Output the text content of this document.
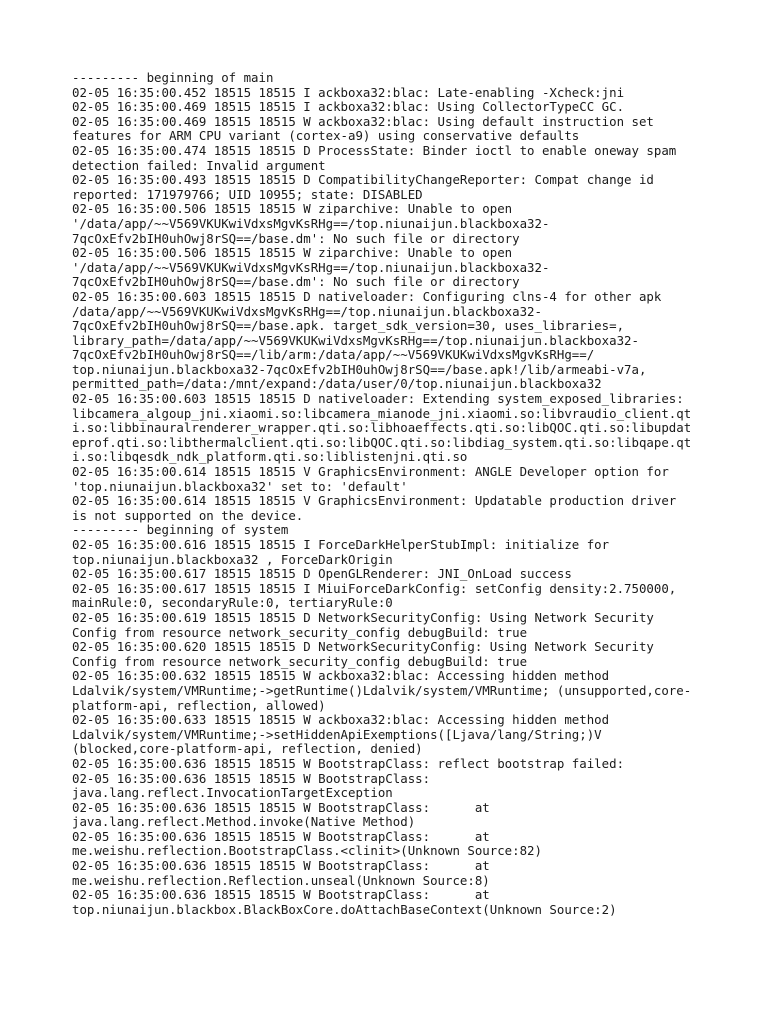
--------- beginning of main
02-05 16:35:00.452 18515 18515 I ackboxa32:blac: Late-enabling -Xcheck:jni
02-05 16:35:00.469 18515 18515 I ackboxa32:blac: Using CollectorTypeCC GC.
02-05 16:35:00.469 18515 18515 W ackboxa32:blac: Using default instruction set
features for ARM CPU variant (cortex-a9) using conservative defaults
02-05 16:35:00.474 18515 18515 D ProcessState: Binder ioctl to enable oneway spam
detection failed: Invalid argument
02-05 16:35:00.493 18515 18515 D CompatibilityChangeReporter: Compat change id
reported: 171979766; UID 10955; state: DISABLED
02-05 16:35:00.506 18515 18515 W ziparchive: Unable to open
'/data/app/~~V569VKUKwiVdxsMgvKsRHg==/top.niunaijun.blackboxa32-
7qcOxEfv2bIH0uhOwj8rSQ==/base.dm': No such file or directory
02-05 16:35:00.506 18515 18515 W ziparchive: Unable to open
'/data/app/~~V569VKUKwiVdxsMgvKsRHg==/top.niunaijun.blackboxa32-
7qcOxEfv2bIH0uhOwj8rSQ==/base.dm': No such file or directory
02-05 16:35:00.603 18515 18515 D nativeloader: Configuring clns-4 for other apk
/data/app/~~V569VKUKwiVdxsMgvKsRHg==/top.niunaijun.blackboxa32-
7qcOxEfv2bIH0uhOwj8rSQ==/base.apk. target_sdk_version=30, uses_libraries=,
library_path=/data/app/~~V569VKUKwiVdxsMgvKsRHg==/top.niunaijun.blackboxa32-
7qcOxEfv2bIH0uhOwj8rSQ==/lib/arm:/data/app/~~V569VKUKwiVdxsMgvKsRHg==/
top.niunaijun.blackboxa32-7qcOxEfv2bIH0uhOwj8rSQ==/base.apk!/lib/armeabi-v7a,
permitted_path=/data:/mnt/expand:/data/user/0/top.niunaijun.blackboxa32
02-05 16:35:00.603 18515 18515 D nativeloader: Extending system_exposed_libraries:
libcamera_algoup_jni.xiaomi.so:libcamera_mianode_jni.xiaomi.so:libvraudio_client.qt
i.so:libbinauralrenderer_wrapper.qti.so:libhoaeffects.qti.so:libQOC.qti.so:libupdat
eprof.qti.so:libthermalclient.qti.so:libQOC.qti.so:libdiag_system.qti.so:libqape.qt
i.so:libqesdk_ndk_platform.qti.so:liblistenjni.qti.so
02-05 16:35:00.614 18515 18515 V GraphicsEnvironment: ANGLE Developer option for
'top.niunaijun.blackboxa32' set to: 'default'
02-05 16:35:00.614 18515 18515 V GraphicsEnvironment: Updatable production driver
is not supported on the device.
--------- beginning of system
02-05 16:35:00.616 18515 18515 I ForceDarkHelperStubImpl: initialize for
top.niunaijun.blackboxa32 , ForceDarkOrigin
02-05 16:35:00.617 18515 18515 D OpenGLRenderer: JNI_OnLoad success
02-05 16:35:00.617 18515 18515 I MiuiForceDarkConfig: setConfig density:2.750000,
mainRule:0, secondaryRule:0, tertiaryRule:0
02-05 16:35:00.619 18515 18515 D NetworkSecurityConfig: Using Network Security
Config from resource network_security_config debugBuild: true
02-05 16:35:00.620 18515 18515 D NetworkSecurityConfig: Using Network Security
Config from resource network_security_config debugBuild: true
02-05 16:35:00.632 18515 18515 W ackboxa32:blac: Accessing hidden method
Ldalvik/system/VMRuntime;->getRuntime()Ldalvik/system/VMRuntime; (unsupported,core-
platform-api, reflection, allowed)
02-05 16:35:00.633 18515 18515 W ackboxa32:blac: Accessing hidden method
Ldalvik/system/VMRuntime;->setHiddenApiExemptions([Ljava/lang/String;)V
(blocked,core-platform-api, reflection, denied)
02-05 16:35:00.636 18515 18515 W BootstrapClass: reflect bootstrap failed:
02-05 16:35:00.636 18515 18515 W BootstrapClass:
java.lang.reflect.InvocationTargetException
02-05 16:35:00.636 18515 18515 W BootstrapClass:      at
java.lang.reflect.Method.invoke(Native Method)
02-05 16:35:00.636 18515 18515 W BootstrapClass:      at
me.weishu.reflection.BootstrapClass.<clinit>(Unknown Source:82)
02-05 16:35:00.636 18515 18515 W BootstrapClass:      at
me.weishu.reflection.Reflection.unseal(Unknown Source:8)
02-05 16:35:00.636 18515 18515 W BootstrapClass:      at
top.niunaijun.blackbox.BlackBoxCore.doAttachBaseContext(Unknown Source:2)
